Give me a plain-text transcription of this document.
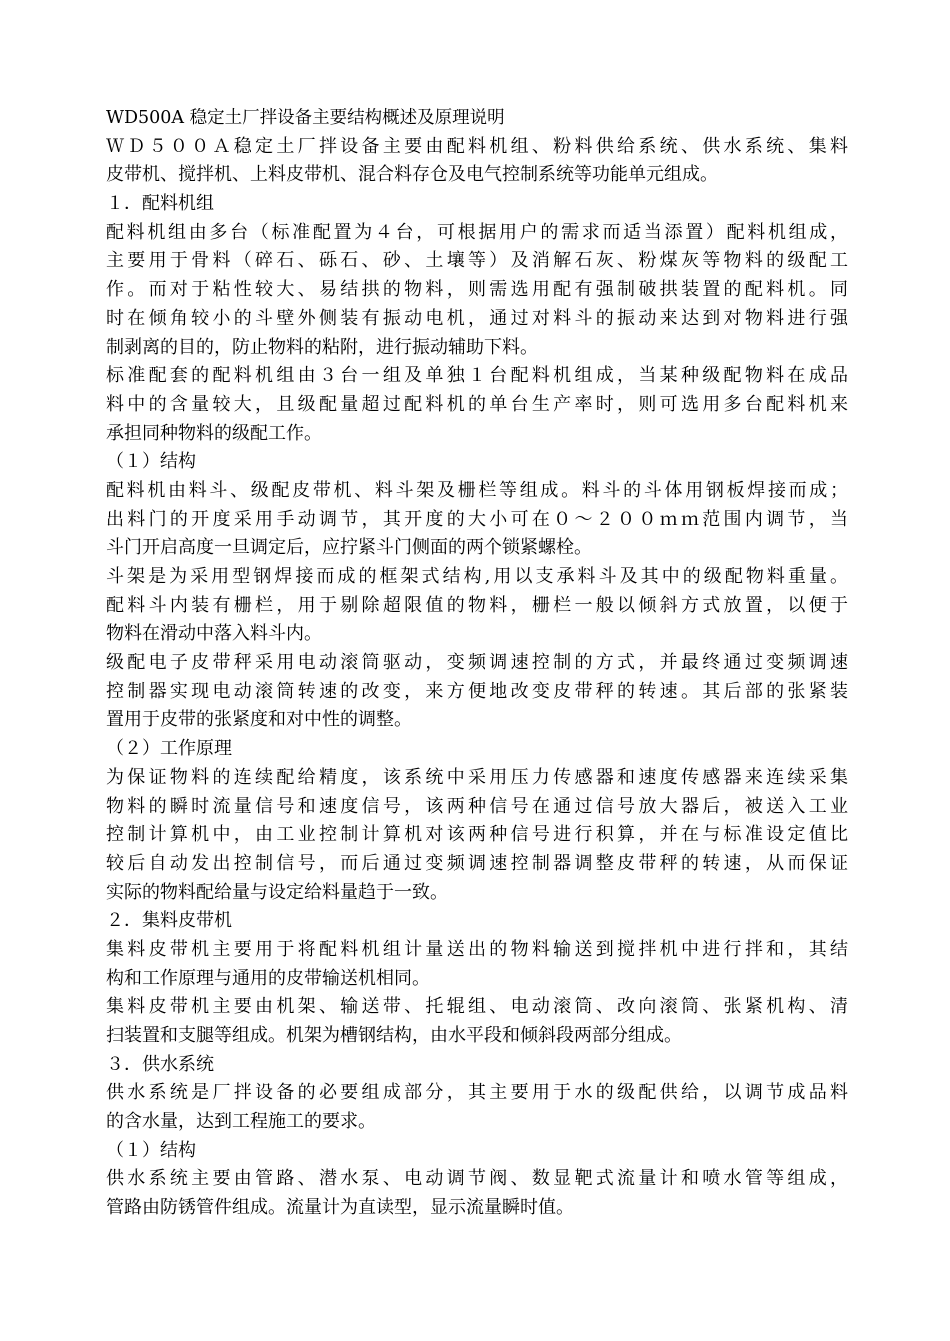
WD500A 稳定土厂拌设备主要结构概述及原理说明
ＷＤ５００Ａ稳定土厂拌设备主要由配料机组、粉料供给系统、供水系统、集料
皮带机、搅拌机、上料皮带机、混合料存仓及电气控制系统等功能单元组成。
１．配料机组
配料机组由多台（标准配置为４台，可根据用户的需求而适当添置）配料机组成，
主要用于骨料（碎石、砾石、砂、土壤等）及消解石灰、粉煤灰等物料的级配工
作。而对于粘性较大、易结拱的物料，则需选用配有强制破拱装置的配料机。同
时在倾角较小的斗壁外侧装有振动电机，通过对料斗的振动来达到对物料进行强
制剥离的目的，防止物料的粘附，进行振动辅助下料。
标准配套的配料机组由３台一组及单独１台配料机组成，当某种级配物料在成品
料中的含量较大，且级配量超过配料机的单台生产率时，则可选用多台配料机来
承担同种物料的级配工作。
（１）结构
配料机由料斗、级配皮带机、料斗架及栅栏等组成。料斗的斗体用钢板焊接而成；
出料门的开度采用手动调节，其开度的大小可在０～２００ｍｍ范围内调节，当
斗门开启高度一旦调定后，应拧紧斗门侧面的两个锁紧螺栓。
斗架是为采用型钢焊接而成的框架式结构,用以支承料斗及其中的级配物料重量。
配料斗内装有栅栏，用于剔除超限值的物料，栅栏一般以倾斜方式放置，以便于
物料在滑动中落入料斗内。
级配电子皮带秤采用电动滚筒驱动，变频调速控制的方式，并最终通过变频调速
控制器实现电动滚筒转速的改变，来方便地改变皮带秤的转速。其后部的张紧装
置用于皮带的张紧度和对中性的调整。
（２）工作原理
为保证物料的连续配给精度，该系统中采用压力传感器和速度传感器来连续采集
物料的瞬时流量信号和速度信号，该两种信号在通过信号放大器后，被送入工业
控制计算机中，由工业控制计算机对该两种信号进行积算，并在与标准设定值比
较后自动发出控制信号，而后通过变频调速控制器调整皮带秤的转速，从而保证
实际的物料配给量与设定给料量趋于一致。
２．集料皮带机
集料皮带机主要用于将配料机组计量送出的物料输送到搅拌机中进行拌和，其结
构和工作原理与通用的皮带输送机相同。
集料皮带机主要由机架、输送带、托辊组、电动滚筒、改向滚筒、张紧机构、清
扫装置和支腿等组成。机架为槽钢结构，由水平段和倾斜段两部分组成。
３．供水系统
供水系统是厂拌设备的必要组成部分，其主要用于水的级配供给，以调节成品料
的含水量，达到工程施工的要求。
（１）结构
供水系统主要由管路、潜水泵、电动调节阀、数显靶式流量计和喷水管等组成，
管路由防锈管件组成。流量计为直读型，显示流量瞬时值。
